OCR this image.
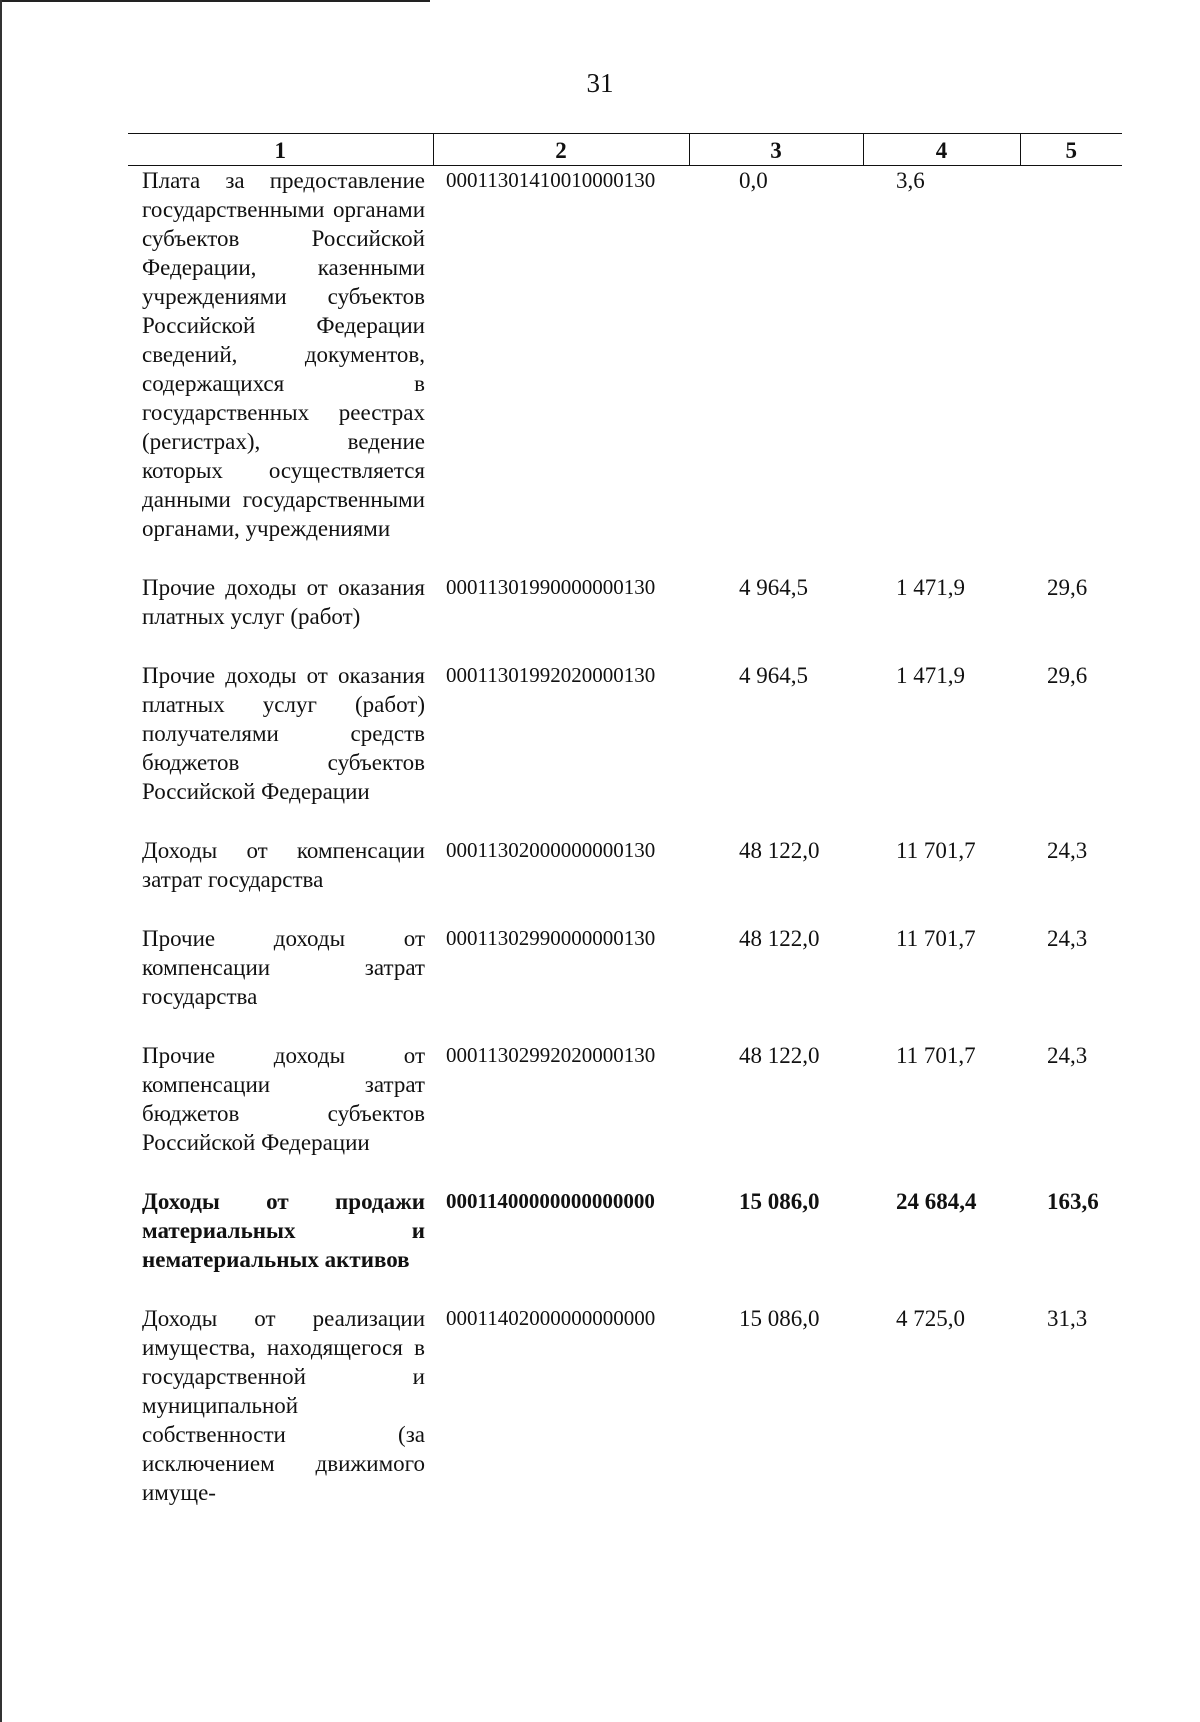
31
1	2	3	4	5
Плата за предоставление государственными органами субъектов Российской Федерации, казенными учреждениями субъектов Российской Федерации сведений, документов, содержащихся в государственных реестрах (регистрах), ведение которых осуществляется данными государственными органами, учреждениями	00011301410010000130	0,0	3,6	
Прочие доходы от оказания платных услуг (работ)	00011301990000000130	4 964,5	1 471,9	29,6
Прочие доходы от оказания платных услуг (работ) получателями средств бюджетов субъектов Российской Федерации	00011301992020000130	4 964,5	1 471,9	29,6
Доходы от компенсации затрат государства	00011302000000000130	48 122,0	11 701,7	24,3
Прочие доходы от компенсации затрат государства	00011302990000000130	48 122,0	11 701,7	24,3
Прочие доходы от компенсации затрат бюджетов субъектов Российской Федерации	00011302992020000130	48 122,0	11 701,7	24,3
Доходы от продажи материальных и нематериальных активов	00011400000000000000	15 086,0	24 684,4	163,6
Доходы от реализации имущества, находящегося в государственной и муниципальной собственности (за исключением движимого имуще-	00011402000000000000	15 086,0	4 725,0	31,3
